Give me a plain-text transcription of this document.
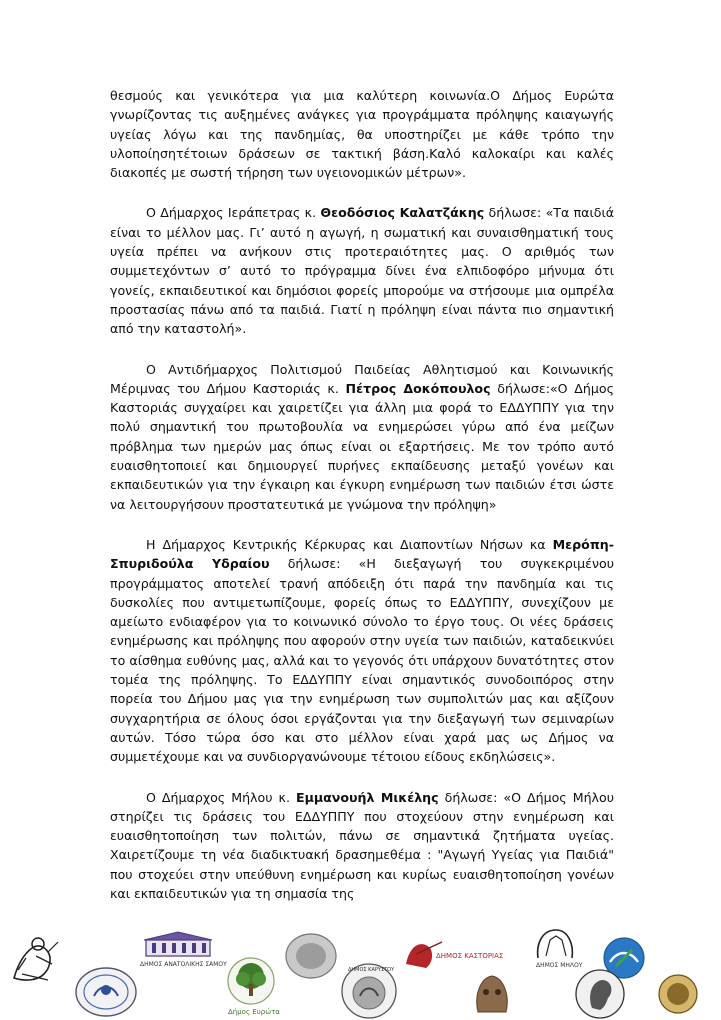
θεσμούς και γενικότερα για μια καλύτερη κοινωνία.Ο Δήμος Ευρώτα γνωρίζοντας τις αυξημένες ανάγκες για προγράμματα πρόληψης καιαγωγής υγείας λόγω και της πανδημίας, θα υποστηρίζει με κάθε τρόπο την υλοποίησητέτοιων δράσεων σε τακτική βάση.Καλό καλοκαίρι και καλές διακοπές με σωστή τήρηση των υγειονομικών μέτρων».

Ο Δήμαρχος Ιεράπετρας κ. Θεοδόσιος Καλατζάκης δήλωσε: «Τα παιδιά είναι το μέλλον μας. Γι’ αυτό η αγωγή, η σωματική και συναισθηματική τους υγεία πρέπει να ανήκουν στις προτεραιότητες μας. Ο αριθμός των συμμετεχόντων σ’ αυτό το πρόγραμμα δίνει ένα ελπιδοφόρο μήνυμα ότι γονείς, εκπαιδευτικοί και δημόσιοι φορείς μπορούμε να στήσουμε μια ομπρέλα προστασίας πάνω από τα παιδιά. Γιατί η πρόληψη είναι πάντα πιο σημαντική από την καταστολή».

Ο Αντιδήμαρχος Πολιτισμού Παιδείας Αθλητισμού και Κοινωνικής Μέριμνας του Δήμου Καστοριάς κ. Πέτρος Δοκόπουλος δήλωσε:«Ο Δήμος Καστοριάς συγχαίρει και χαιρετίζει για άλλη μια φορά το ΕΔΔΥΠΠΥ για την πολύ σημαντική του πρωτοβουλία να ενημερώσει γύρω από ένα μείζων πρόβλημα των ημερών μας όπως είναι οι εξαρτήσεις. Με τον τρόπο αυτό ευαισθητοποιεί και δημιουργεί πυρήνες εκπαίδευσης μεταξύ γονέων και εκπαιδευτικών για την έγκαιρη και έγκυρη ενημέρωση των παιδιών έτσι ώστε να λειτουργήσουν προστατευτικά με γνώμονα την πρόληψη»

Η Δήμαρχος Κεντρικής Κέρκυρας και Διαποντίων Νήσων κα Μερόπη-Σπυριδούλα Υδραίου δήλωσε: «Η διεξαγωγή του συγκεκριμένου προγράμματος αποτελεί τρανή απόδειξη ότι παρά την πανδημία και τις δυσκολίες που αντιμετωπίζουμε, φορείς όπως το ΕΔΔΥΠΠΥ, συνεχίζουν με αμείωτο ενδιαφέρον για το κοινωνικό σύνολο το έργο τους. Οι νέες δράσεις ενημέρωσης και πρόληψης που αφορούν στην υγεία των παιδιών, καταδεικνύει το αίσθημα ευθύνης μας, αλλά και το γεγονός ότι υπάρχουν δυνατότητες στον τομέα της πρόληψης. Το ΕΔΔΥΠΠΥ είναι σημαντικός συνοδοιπόρος στην πορεία του Δήμου μας για την ενημέρωση των συμπολιτών μας και αξίζουν συγχαρητήρια σε όλους όσοι εργάζονται για την διεξαγωγή των σεμιναρίων αυτών. Τόσο τώρα όσο και στο μέλλον είναι χαρά μας ως Δήμος να συμμετέχουμε και να συνδιοργανώνουμε τέτοιου είδους εκδηλώσεις».

Ο Δήμαρχος Μήλου κ. Εμμανουήλ Μικέλης δήλωσε: «Ο Δήμος Μήλου στηρίζει τις δράσεις του ΕΔΔΥΠΠΥ που στοχεύουν στην ενημέρωση και ευαισθητοποίηση των πολιτών, πάνω σε σημαντικά ζητήματα υγείας. Χαιρετίζουμε τη νέα διαδικτυακή δρασημεθέμα : "Αγωγή Υγείας για Παιδιά" που στοχεύει στην υπεύθυνη ενημέρωση και κυρίως ευαισθητοποίηση γονέων και εκπαιδευτικών για τη σημασία της

ΔΗΜΟΣ ΑΝΑΤΟΛΙΚΗΣ ΣΑΜΟΥ
Δήμος Ευρώτα
ΔΗΜΟΣ ΚΑΡΥΣΤΟΥ
ΔΗΜΟΣ ΚΑΣΤΟΡΙΑΣ
ΔΗΜΟΣ ΜΗΛΟΥ
